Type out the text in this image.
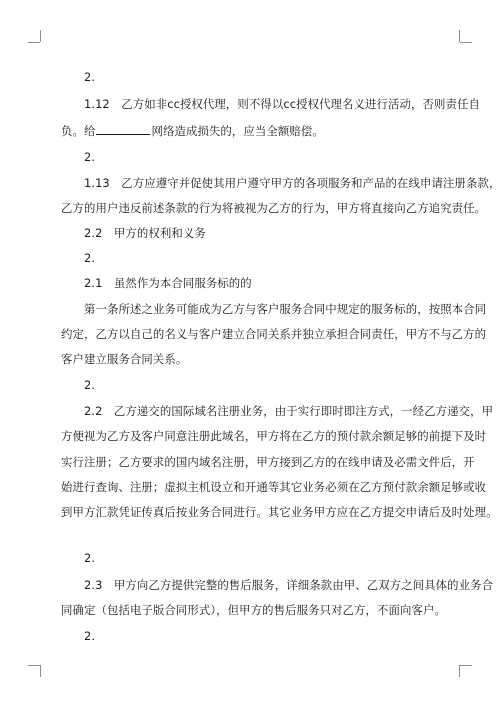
2.
1.12　乙方如非cc授权代理，则不得以cc授权代理名义进行活动，否则责任自
负。给	网络造成损失的，应当全额赔偿。
2.
1.13　乙方应遵守并促使其用户遵守甲方的各项服务和产品的在线申请注册条款，
乙方的用户违反前述条款的行为将被视为乙方的行为，甲方将直接向乙方追究责任。
2.2　甲方的权利和义务
2.
2.1　虽然作为本合同服务标的的
第一条所述之业务可能成为乙方与客户服务合同中规定的服务标的，按照本合同
约定，乙方以自己的名义与客户建立合同关系并独立承担合同责任，甲方不与乙方的
客户建立服务合同关系。
2.
2.2　乙方递交的国际域名注册业务，由于实行即时即注方式，一经乙方递交，甲
方便视为乙方及客户同意注册此域名，甲方将在乙方的预付款余额足够的前提下及时
实行注册；乙方要求的国内域名注册，甲方接到乙方的在线申请及必需文件后，开
始进行查询、注册；虚拟主机设立和开通等其它业务必须在乙方预付款余额足够或收
到甲方汇款凭证传真后按业务合同进行。其它业务甲方应在乙方提交申请后及时处理。
2.
2.3　甲方向乙方提供完整的售后服务，详细条款由甲、乙双方之间具体的业务合
同确定（包括电子版合同形式），但甲方的售后服务只对乙方，不面向客户。
2.
